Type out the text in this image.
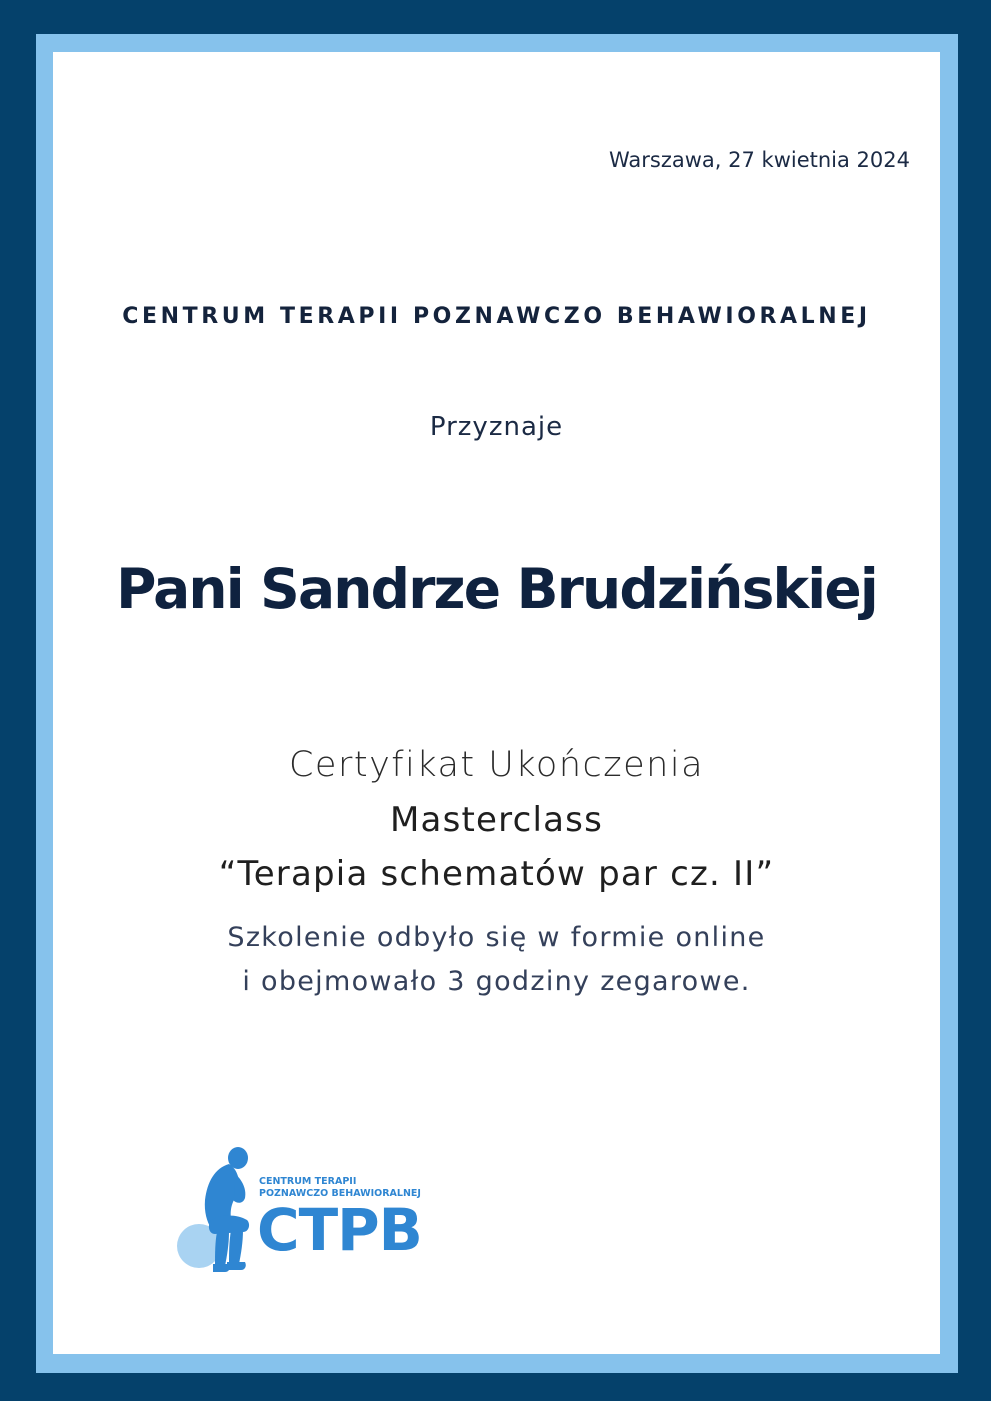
Warszawa, 27 kwietnia 2024
CENTRUM TERAPII POZNAWCZO BEHAWIORALNEJ
Przyznaje
Pani Sandrze Brudzińskiej
Certyfikat Ukończenia
Masterclass
“Terapia schematów par cz. II”
Szkolenie odbyło się w formie online
i obejmowało 3 godziny zegarowe.
CENTRUM TERAPII
POZNAWCZO BEHAWIORALNEJ
CTPB
